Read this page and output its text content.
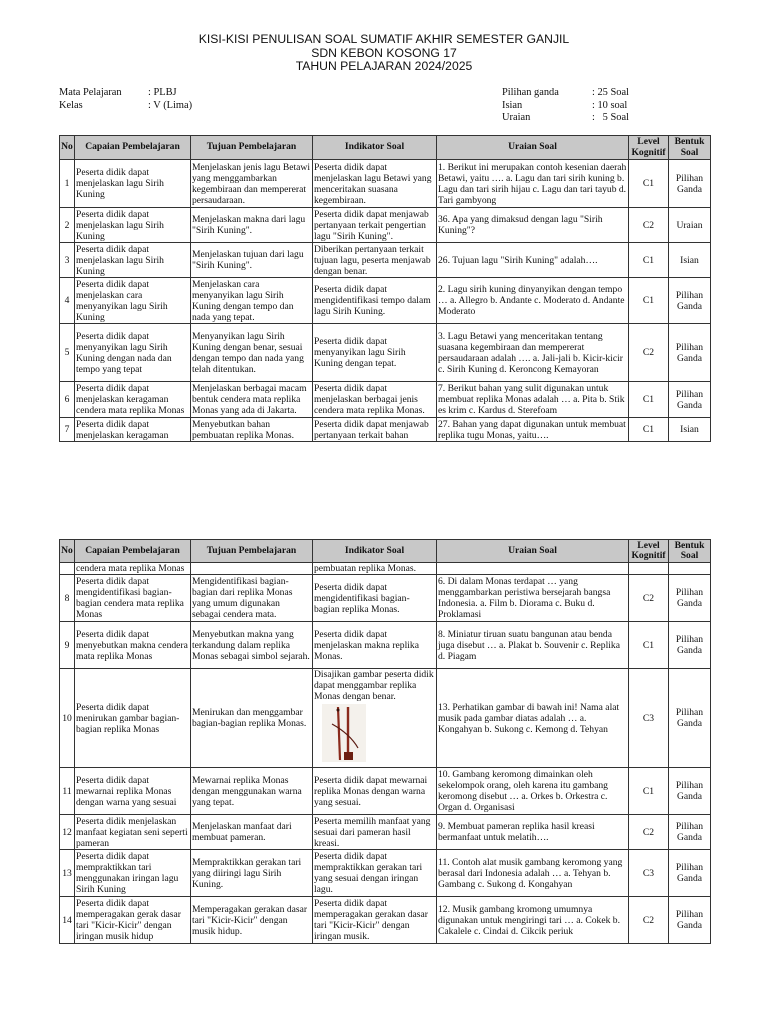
KISI-KISI PENULISAN SOAL SUMATIF AKHIR SEMESTER GANJIL
SDN KEBON KOSONG 17
TAHUN PELAJARAN 2024/2025
Mata Pelajaran	: PLBJ
Kelas	: V (Lima)
Pilihan ganda	: 25 Soal
Isian	: 10 soal
Uraian	:   5 Soal
No	Capaian Pembelajaran	Tujuan Pembelajaran	Indikator Soal	Uraian Soal	Level Kognitif	Bentuk Soal
1	Peserta didik dapat menjelaskan lagu Sirih Kuning	Menjelaskan jenis lagu Betawi yang menggambarkan kegembiraan dan mempererat persaudaraan.	Peserta didik dapat menjelaskan lagu Betawi yang menceritakan suasana kegembiraan.	1. Berikut ini merupakan contoh kesenian daerah Betawi, yaitu …. a. Lagu dan tari sirih kuning b. Lagu dan tari sirih hijau c. Lagu dan tari tayub d. Tari gambyong	C1	Pilihan Ganda
2	Peserta didik dapat menjelaskan lagu Sirih Kuning	Menjelaskan makna dari lagu "Sirih Kuning".	Peserta didik dapat menjawab pertanyaan terkait pengertian lagu "Sirih Kuning".	36. Apa yang dimaksud dengan lagu "Sirih Kuning"?	C2	Uraian
3	Peserta didik dapat menjelaskan lagu Sirih Kuning	Menjelaskan tujuan dari lagu "Sirih Kuning".	Diberikan pertanyaan terkait tujuan lagu, peserta menjawab dengan benar.	26. Tujuan lagu "Sirih Kuning" adalah….	C1	Isian
4	Peserta didik dapat menjelaskan cara menyanyikan lagu Sirih Kuning	Menjelaskan cara menyanyikan lagu Sirih Kuning dengan tempo dan nada yang tepat.	Peserta didik dapat mengidentifikasi tempo dalam lagu Sirih Kuning.	2. Lagu sirih kuning dinyanyikan dengan tempo … a. Allegro b. Andante c. Moderato d. Andante Moderato	C1	Pilihan Ganda
5	Peserta didik dapat menyanyikan lagu Sirih Kuning dengan nada dan tempo yang tepat	Menyanyikan lagu Sirih Kuning dengan benar, sesuai dengan tempo dan nada yang telah ditentukan.	Peserta didik dapat menyanyikan lagu Sirih Kuning dengan tepat.	3. Lagu Betawi yang menceritakan tentang suasana kegembiraan dan mempererat persaudaraan adalah …. a. Jali-jali b. Kicir-kicir c. Sirih Kuning d. Keroncong Kemayoran	C2	Pilihan Ganda
6	Peserta didik dapat menjelaskan keragaman cendera mata replika Monas	Menjelaskan berbagai macam bentuk cendera mata replika Monas yang ada di Jakarta.	Peserta didik dapat menjelaskan berbagai jenis cendera mata replika Monas.	7. Berikut bahan yang sulit digunakan untuk membuat replika Monas adalah … a. Pita b. Stik es krim c. Kardus d. Sterefoam	C1	Pilihan Ganda
7	Peserta didik dapat menjelaskan keragaman	Menyebutkan bahan pembuatan replika Monas.	Peserta didik dapat menjawab pertanyaan terkait bahan	27. Bahan yang dapat digunakan untuk membuat replika tugu Monas, yaitu….	C1	Isian
No	Capaian Pembelajaran	Tujuan Pembelajaran	Indikator Soal	Uraian Soal	Level Kognitif	Bentuk Soal
	cendera mata replika Monas		pembuatan replika Monas.			
8	Peserta didik dapat mengidentifikasi bagian-bagian cendera mata replika Monas	Mengidentifikasi bagian-bagian dari replika Monas yang umum digunakan sebagai cendera mata.	Peserta didik dapat mengidentifikasi bagian-bagian replika Monas.	6. Di dalam Monas terdapat … yang menggambarkan peristiwa bersejarah bangsa Indonesia. a. Film b. Diorama c. Buku d. Proklamasi	C2	Pilihan Ganda
9	Peserta didik dapat menyebutkan makna cendera mata replika Monas	Menyebutkan makna yang terkandung dalam replika Monas sebagai simbol sejarah.	Peserta didik dapat menjelaskan makna replika Monas.	8. Miniatur tiruan suatu bangunan atau benda juga disebut … a. Plakat b. Souvenir c. Replika d. Piagam	C1	Pilihan Ganda
10	Peserta didik dapat menirukan gambar bagian-bagian replika Monas	Menirukan dan menggambar bagian-bagian replika Monas.	Disajikan gambar peserta didik dapat menggambar replika Monas dengan benar.	13. Perhatikan gambar di bawah ini! Nama alat musik pada gambar diatas adalah … a. Kongahyan b. Sukong c. Kemong d. Tehyan	C3	Pilihan Ganda
11	Peserta didik dapat mewarnai replika Monas dengan warna yang sesuai	Mewarnai replika Monas dengan menggunakan warna yang tepat.	Peserta didik dapat mewarnai replika Monas dengan warna yang sesuai.	10. Gambang keromong dimainkan oleh sekelompok orang, oleh karena itu gambang keromong disebut … a. Orkes b. Orkestra c. Organ d. Organisasi	C1	Pilihan Ganda
12	Peserta didik menjelaskan manfaat kegiatan seni seperti pameran	Menjelaskan manfaat dari membuat pameran.	Peserta memilih manfaat yang sesuai dari pameran hasil kreasi.	9. Membuat pameran replika hasil kreasi bermanfaat untuk melatih….	C2	Pilihan Ganda
13	Peserta didik dapat mempraktikkan tari menggunakan iringan lagu Sirih Kuning	Mempraktikkan gerakan tari yang diiringi lagu Sirih Kuning.	Peserta didik dapat mempraktikkan gerakan tari yang sesuai dengan iringan lagu.	11. Contoh alat musik gambang keromong yang berasal dari Indonesia adalah … a. Tehyan b. Gambang c. Sukong d. Kongahyan	C3	Pilihan Ganda
14	Peserta didik dapat memperagakan gerak dasar tari "Kicir-Kicir" dengan iringan musik hidup	Memperagakan gerakan dasar tari "Kicir-Kicir" dengan musik hidup.	Peserta didik dapat memperagakan gerakan dasar tari "Kicir-Kicir" dengan iringan musik.	12. Musik gambang kromong umumnya digunakan untuk mengiringi tari … a. Cokek b. Cakalele c. Cindai d. Cikcik periuk	C2	Pilihan Ganda
